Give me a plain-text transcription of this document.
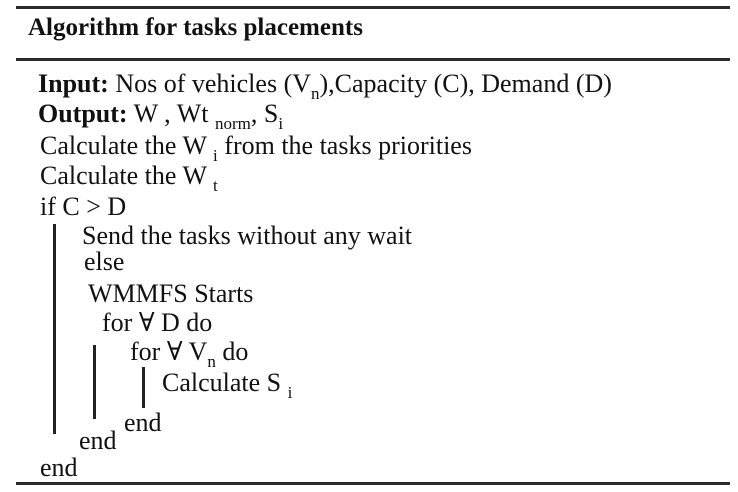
Algorithm for tasks placements
Input: Nos of vehicles $(V_n),Capacity$ (C), Demand (D)
Output: W , Wt $_{norm}$, $S_i$
Calculate the W $_i$ from the tasks priorities
Calculate the W $_t$
if C > D
Send the tasks without any wait
else
WMMFS Starts
for ∀ D do
for ∀ $V_n$ do
Calculate S $_i$
end
end
end
